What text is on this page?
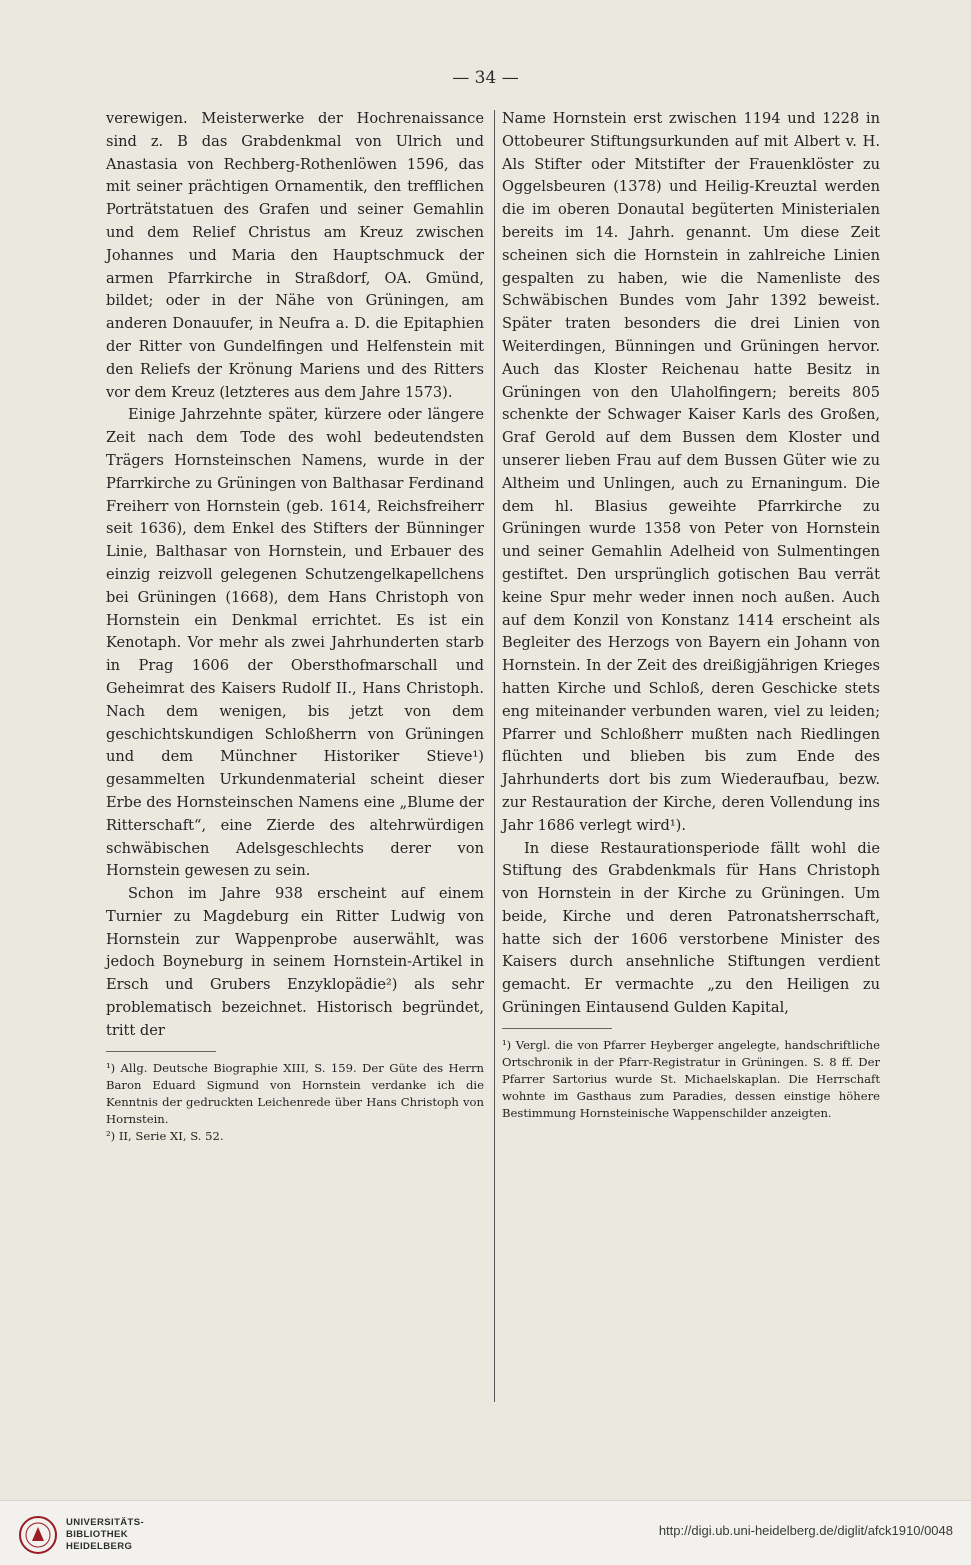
— 34 —

verewigen. Meisterwerke der Hochrenaissance sind z. B das Grabdenkmal von Ulrich und Anastasia von Rechberg-Rothenlöwen 1596, das mit seiner prächtigen Ornamentik, den trefflichen Porträtstatuen des Grafen und seiner Gemahlin und dem Relief Christus am Kreuz zwischen Johannes und Maria den Hauptschmuck der armen Pfarrkirche in Straßdorf, OA. Gmünd, bildet; oder in der Nähe von Grüningen, am anderen Donauufer, in Neufra a. D. die Epitaphien der Ritter von Gundelfingen und Helfenstein mit den Reliefs der Krönung Mariens und des Ritters vor dem Kreuz (letzteres aus dem Jahre 1573).

Einige Jahrzehnte später, kürzere oder längere Zeit nach dem Tode des wohl bedeutendsten Trägers Hornsteinschen Namens, wurde in der Pfarrkirche zu Grüningen von Balthasar Ferdinand Freiherr von Hornstein (geb. 1614, Reichsfreiherr seit 1636), dem Enkel des Stifters der Bünninger Linie, Balthasar von Hornstein, und Erbauer des einzig reizvoll gelegenen Schutzengelkapellchens bei Grüningen (1668), dem Hans Christoph von Hornstein ein Denkmal errichtet. Es ist ein Kenotaph. Vor mehr als zwei Jahrhunderten starb in Prag 1606 der Obersthofmarschall und Geheimrat des Kaisers Rudolf II., Hans Christoph. Nach dem wenigen, bis jetzt von dem geschichtskundigen Schloßherrn von Grüningen und dem Münchner Historiker Stieve¹) gesammelten Urkundenmaterial scheint dieser Erbe des Hornsteinschen Namens eine „Blume der Ritterschaft“, eine Zierde des altehrwürdigen schwäbischen Adelsgeschlechts derer von Hornstein gewesen zu sein.

Schon im Jahre 938 erscheint auf einem Turnier zu Magdeburg ein Ritter Ludwig von Hornstein zur Wappenprobe auserwählt, was jedoch Boyneburg in seinem Hornstein-Artikel in Ersch und Grubers Enzyklopädie²) als sehr problematisch bezeichnet. Historisch begründet, tritt der

¹) Allg. Deutsche Biographie XIII, S. 159. Der Güte des Herrn Baron Eduard Sigmund von Hornstein verdanke ich die Kenntnis der gedruckten Leichenrede über Hans Christoph von Hornstein.

²) II, Serie XI, S. 52.

Name Hornstein erst zwischen 1194 und 1228 in Ottobeurer Stiftungsurkunden auf mit Albert v. H. Als Stifter oder Mitstifter der Frauenklöster zu Oggelsbeuren (1378) und Heilig-Kreuztal werden die im oberen Donautal begüterten Ministerialen bereits im 14. Jahrh. genannt. Um diese Zeit scheinen sich die Hornstein in zahlreiche Linien gespalten zu haben, wie die Namenliste des Schwäbischen Bundes vom Jahr 1392 beweist. Später traten besonders die drei Linien von Weiterdingen, Bünningen und Grüningen hervor. Auch das Kloster Reichenau hatte Besitz in Grüningen von den Ulaholfingern; bereits 805 schenkte der Schwager Kaiser Karls des Großen, Graf Gerold auf dem Bussen dem Kloster und unserer lieben Frau auf dem Bussen Güter wie zu Altheim und Unlingen, auch zu Ernaningum. Die dem hl. Blasius geweihte Pfarrkirche zu Grüningen wurde 1358 von Peter von Hornstein und seiner Gemahlin Adelheid von Sulmentingen gestiftet. Den ursprünglich gotischen Bau verrät keine Spur mehr weder innen noch außen. Auch auf dem Konzil von Konstanz 1414 erscheint als Begleiter des Herzogs von Bayern ein Johann von Hornstein. In der Zeit des dreißigjährigen Krieges hatten Kirche und Schloß, deren Geschicke stets eng miteinander verbunden waren, viel zu leiden; Pfarrer und Schloßherr mußten nach Riedlingen flüchten und blieben bis zum Ende des Jahrhunderts dort bis zum Wiederaufbau, bezw. zur Restauration der Kirche, deren Vollendung ins Jahr 1686 verlegt wird¹).

In diese Restaurationsperiode fällt wohl die Stiftung des Grabdenkmals für Hans Christoph von Hornstein in der Kirche zu Grüningen. Um beide, Kirche und deren Patronatsherrschaft, hatte sich der 1606 verstorbene Minister des Kaisers durch ansehnliche Stiftungen verdient gemacht. Er vermachte „zu den Heiligen zu Grüningen Eintausend Gulden Kapital,

¹) Vergl. die von Pfarrer Heyberger angelegte, handschriftliche Ortschronik in der Pfarr-Registratur in Grüningen. S. 8 ff. Der Pfarrer Sartorius wurde St. Michaelskaplan. Die Herrschaft wohnte im Gasthaus zum Paradies, dessen einstige höhere Bestimmung Hornsteinische Wappenschilder anzeigten.

UNIVERSITÄTS-
BIBLIOTHEK
HEIDELBERG
http://digi.ub.uni-heidelberg.de/diglit/afck1910/0048
